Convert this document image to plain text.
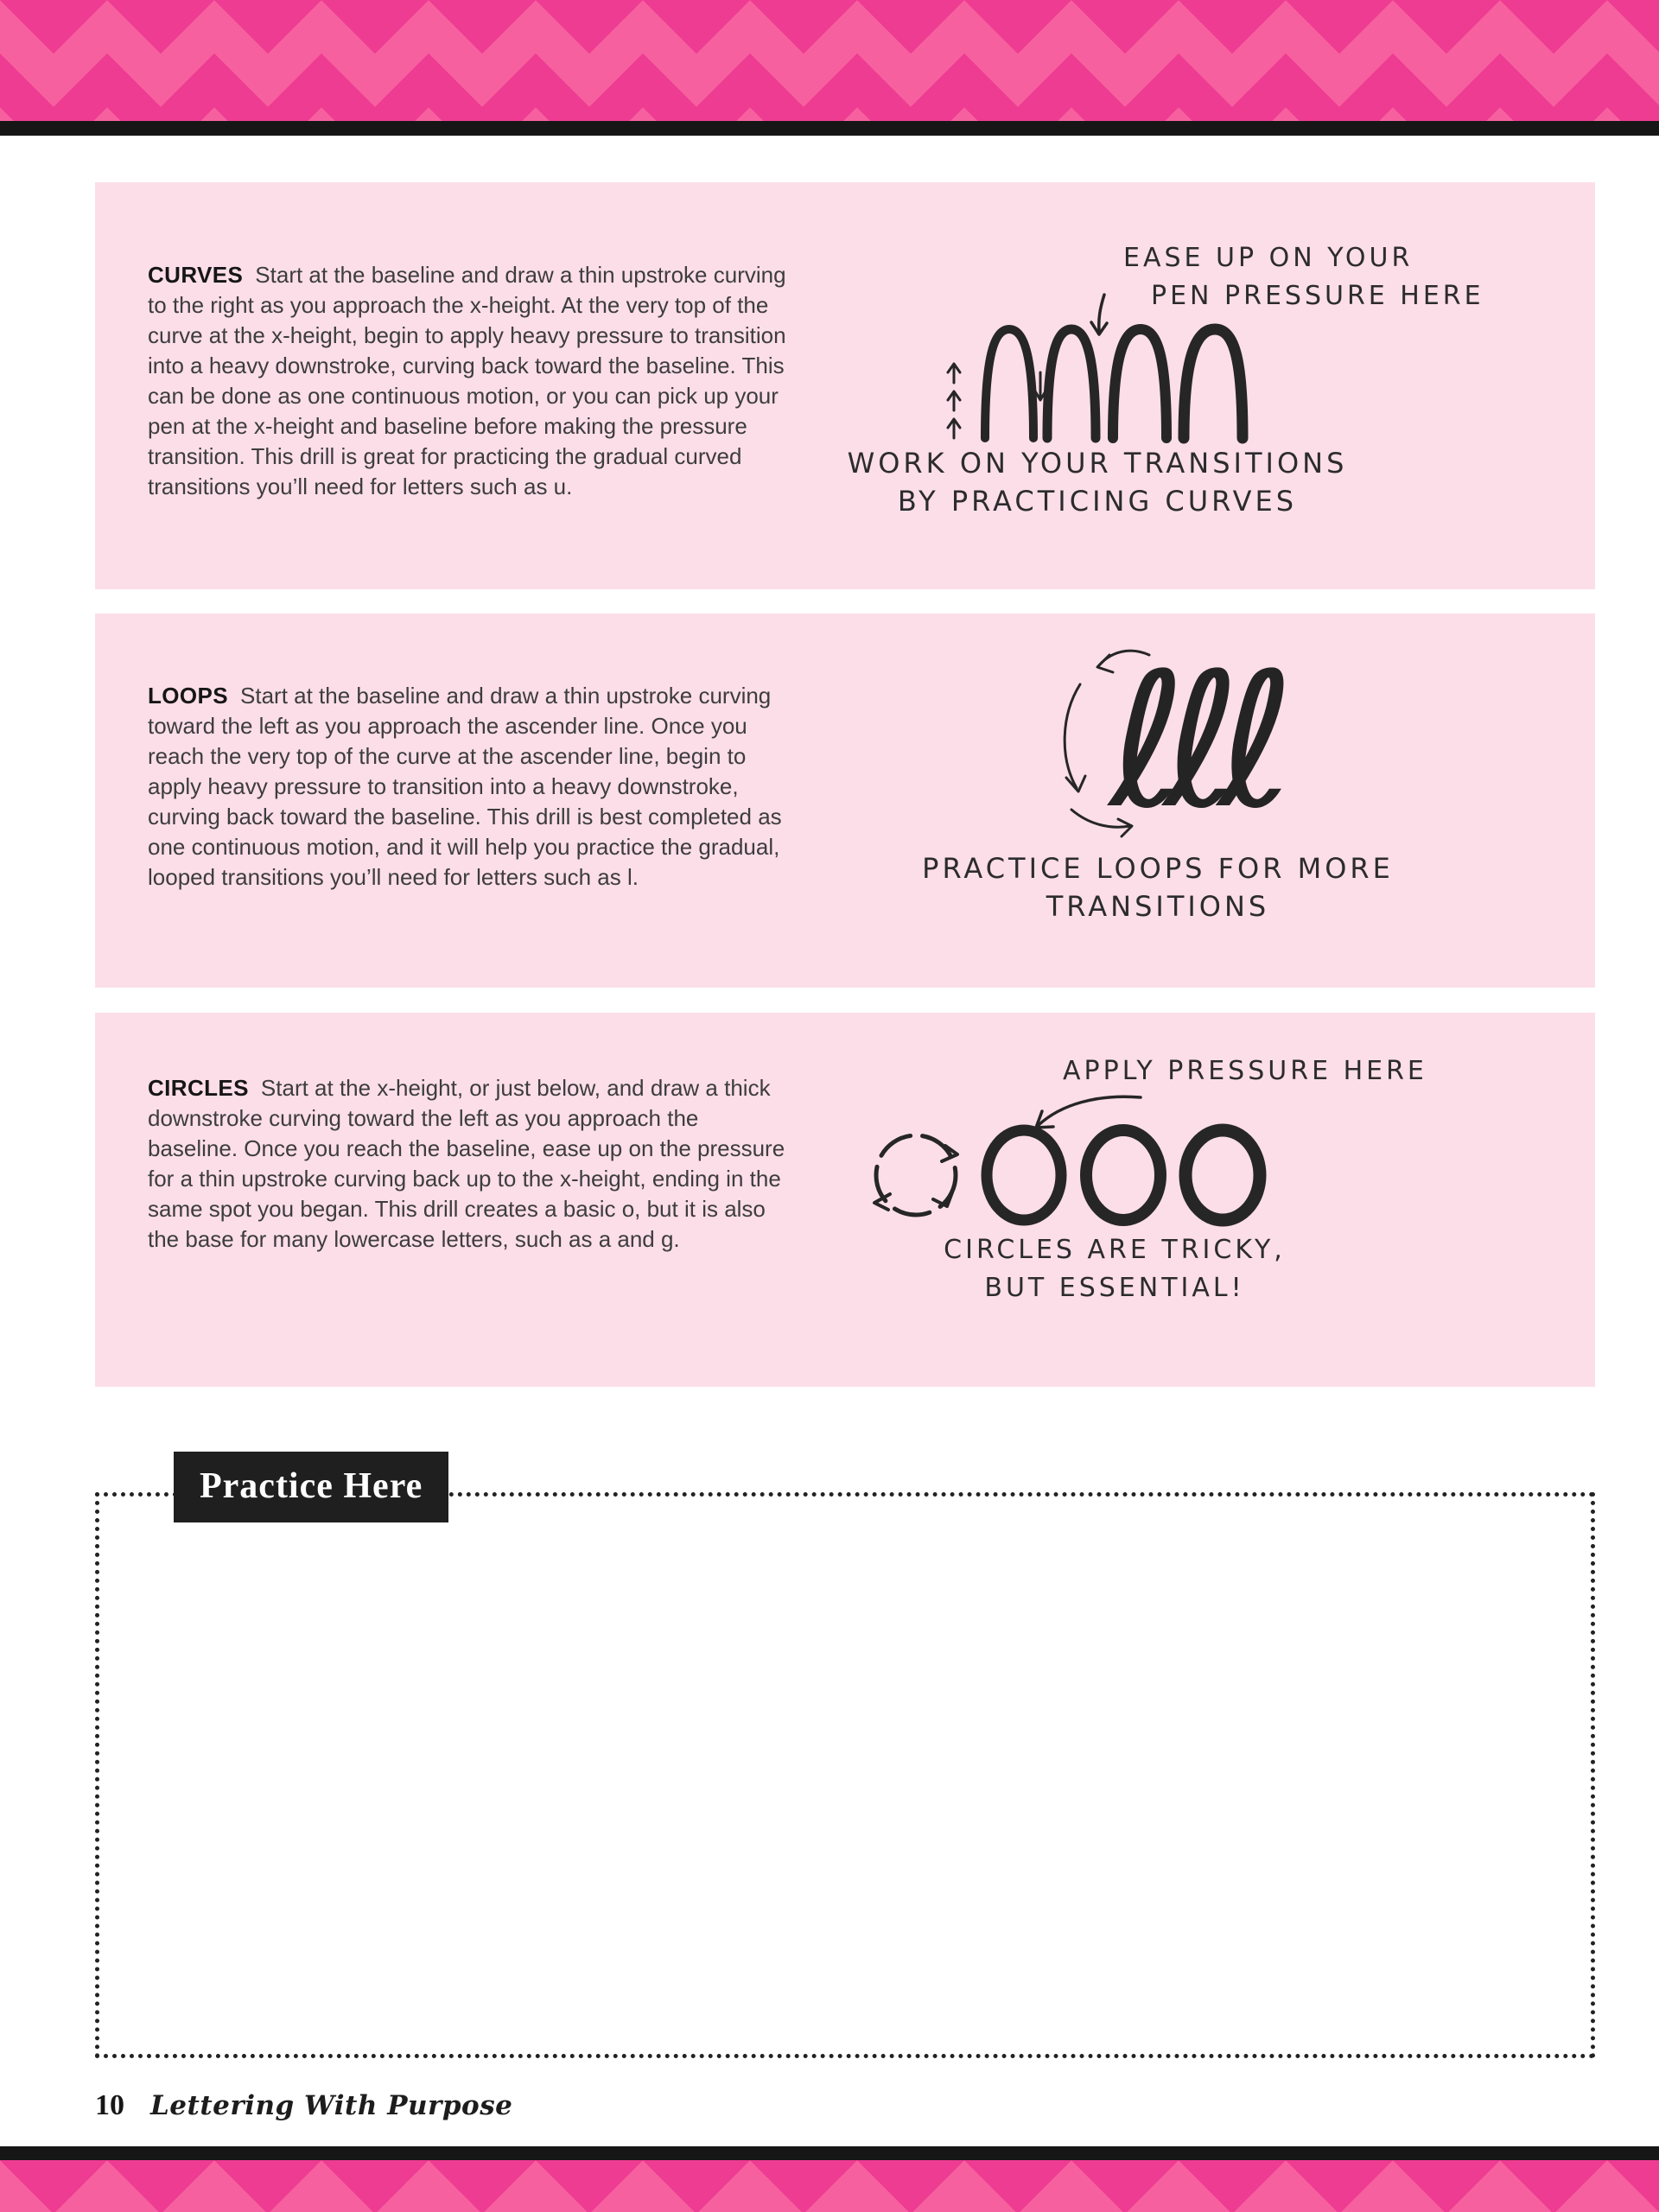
CURVES Start at the baseline and draw a thin upstroke curving to the right as you approach the x-height. At the very top of the curve at the x-height, begin to apply heavy pressure to transition into a heavy downstroke, curving back toward the baseline. This can be done as one continuous motion, or you can pick up your pen at the x-height and baseline before making the pressure transition. This drill is great for practicing the gradual curved transitions you’ll need for letters such as u.

EASE UP ON YOUR
PEN PRESSURE HERE
WORK ON YOUR TRANSITIONS
BY PRACTICING CURVES

LOOPS Start at the baseline and draw a thin upstroke curving toward the left as you approach the ascender line. Once you reach the very top of the curve at the ascender line, begin to apply heavy pressure to transition into a heavy downstroke, curving back toward the baseline. This drill is best completed as one continuous motion, and it will help you practice the gradual, looped transitions you’ll need for letters such as l.

ℓℓℓ
PRACTICE LOOPS FOR MORE
TRANSITIONS

CIRCLES Start at the x-height, or just below, and draw a thick downstroke curving toward the left as you approach the baseline. Once you reach the baseline, ease up on the pressure for a thin upstroke curving back up to the x-height, ending in the same spot you began. This drill creates a basic o, but it is also the base for many lowercase letters, such as a and g.

APPLY PRESSURE HERE
CIRCLES ARE TRICKY,
BUT ESSENTIAL!
Practice Here
10 Lettering With Purpose
